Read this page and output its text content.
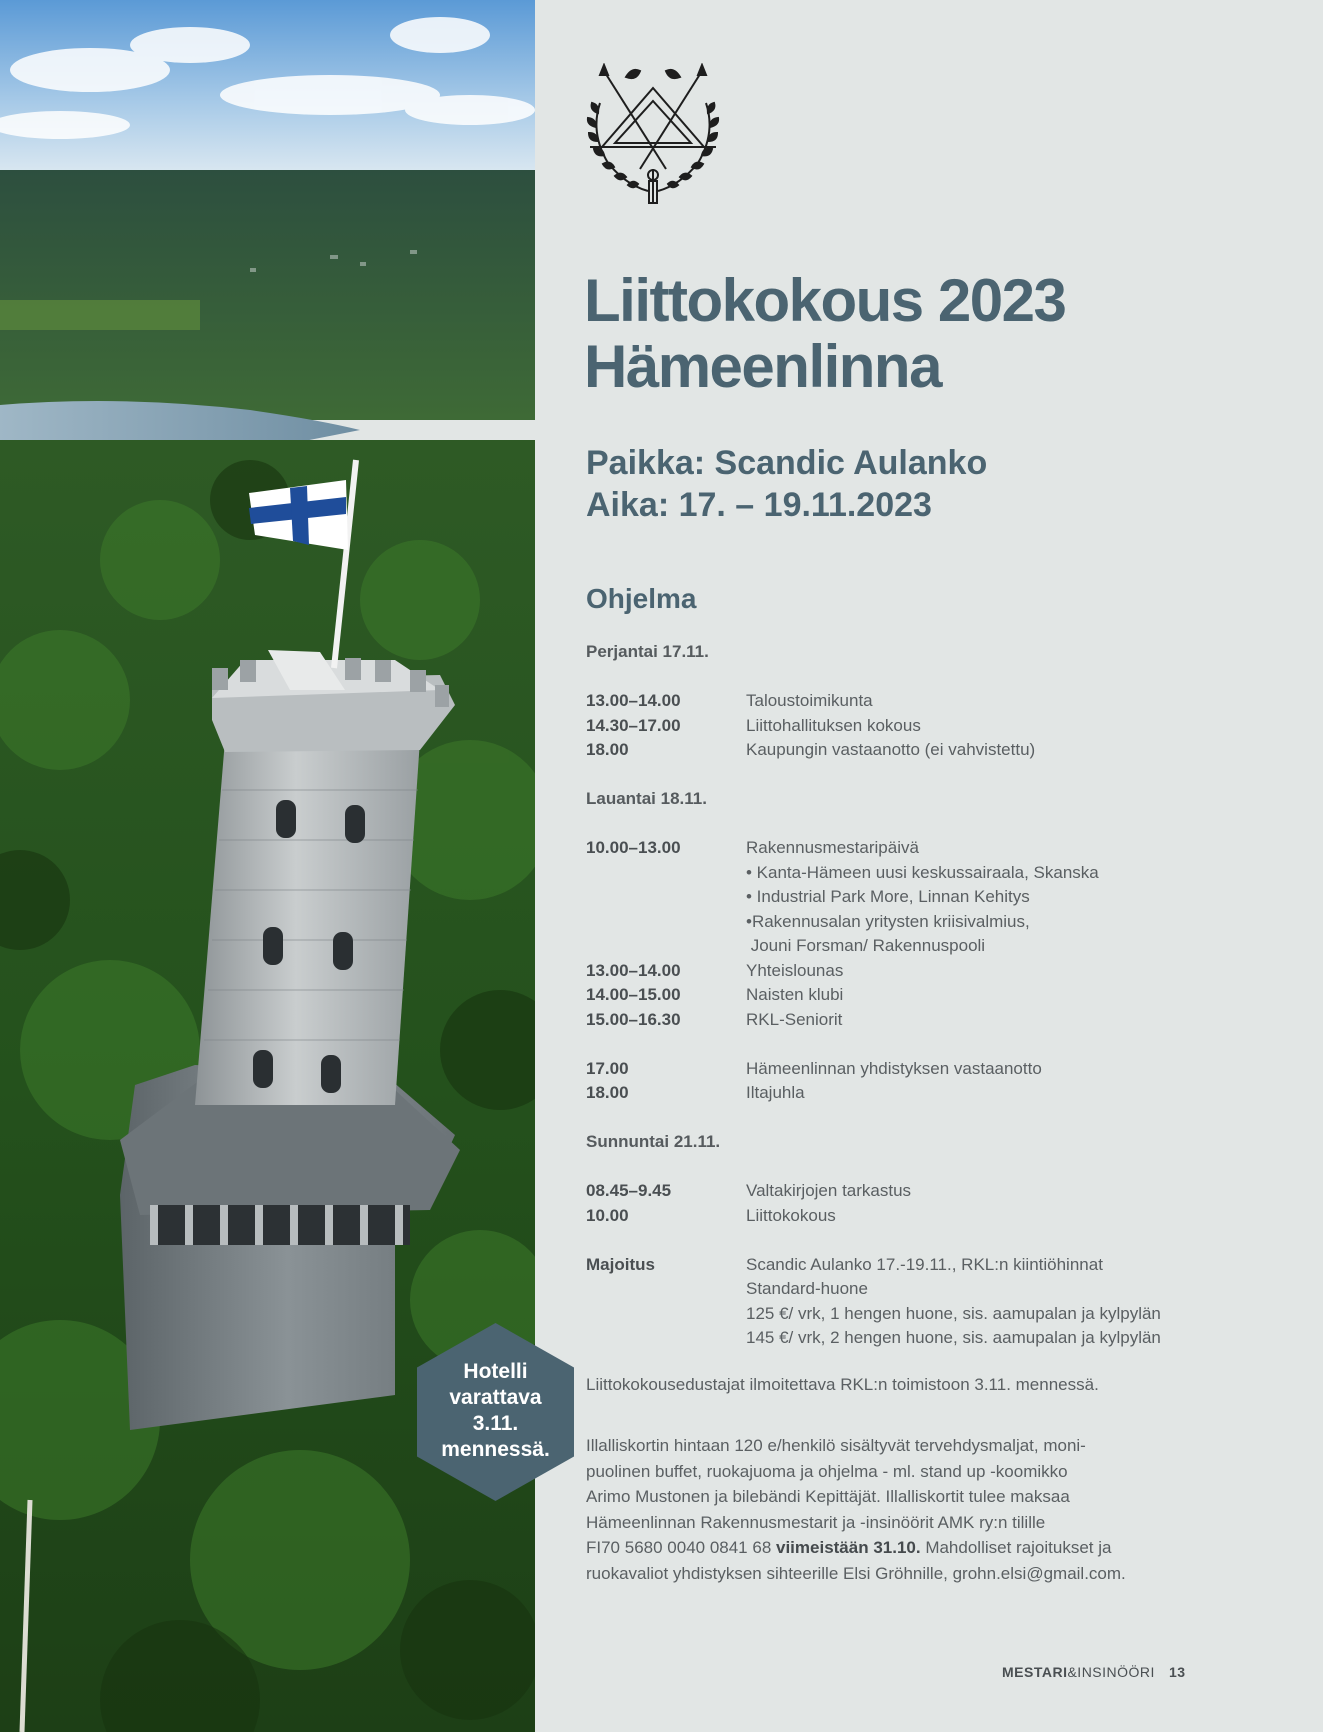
Hotelli
varattava
3.11.
mennessä.
Liittokokous 2023
Hämeenlinna
Paikka: Scandic Aulanko
Aika: 17. – 19.11.2023
Ohjelma
Perjantai 17.11.
13.00–14.00	Taloustoimikunta
14.30–17.00	Liittohallituksen kokous
18.00	Kaupungin vastaanotto (ei vahvistettu)
Lauantai 18.11.
10.00–13.00	Rakennusmestaripäivä
• Kanta-Hämeen uusi keskussairaala, Skanska
• Industrial Park More, Linnan Kehitys
•Rakennusalan yritysten kriisivalmius,
Jouni Forsman/ Rakennuspooli
13.00–14.00	Yhteislounas
14.00–15.00	Naisten klubi
15.00–16.30	RKL-Seniorit
17.00	Hämeenlinnan yhdistyksen vastaanotto
18.00	Iltajuhla
Sunnuntai 21.11.
08.45–9.45	Valtakirjojen tarkastus
10.00	Liittokokous
Majoitus	Scandic Aulanko 17.-19.11., RKL:n kiintiöhinnat
Standard-huone
125 €/ vrk, 1 hengen huone, sis. aamupalan ja kylpylän
145 €/ vrk, 2 hengen huone, sis. aamupalan ja kylpylän

Liittokokousedustajat ilmoitettava RKL:n toimistoon 3.11. mennessä.

Illalliskortin hintaan 120 e/henkilö sisältyvät tervehdysmaljat, moni-
puolinen buffet, ruokajuoma ja ohjelma - ml. stand up -koomikko
Arimo Mustonen ja bilebändi Kepittäjät. Illalliskortit tulee maksaa
Hämeenlinnan Rakennusmestarit ja -insinöörit AMK ry:n tilille
FI70 5680 0040 0841 68 viimeistään 31.10. Mahdolliset rajoitukset ja
ruokavaliot yhdistyksen sihteerille Elsi Gröhnille, grohn.elsi@gmail.com.
MESTARI&INSINÖÖRI 13
